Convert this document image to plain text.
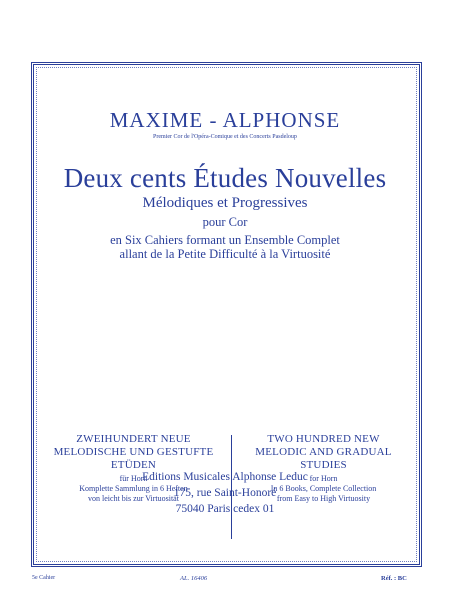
MAXIME - ALPHONSE
Premier Cor de l'Opéra-Comique et des Concerts Pasdeloup
Deux cents Études Nouvelles
Mélodiques et Progressives
pour Cor
en Six Cahiers formant un Ensemble Complet
allant de la Petite Difficulté à la Virtuosité
ZWEIHUNDERT NEUE
MELODISCHE UND GESTUFTE
ETÜDEN
für Horn
Komplette Sammlung in 6 Heften
von leicht bis zur Virtuosität
TWO HUNDRED NEW
MELODIC AND GRADUAL
STUDIES
for Horn
In 6 Books, Complete Collection
from Easy to High Virtuosity
Editions Musicales Alphonse Leduc
175, rue Saint-Honoré
75040 Paris cedex 01
5e Cahier	AL. 16406	Réf. : BC
